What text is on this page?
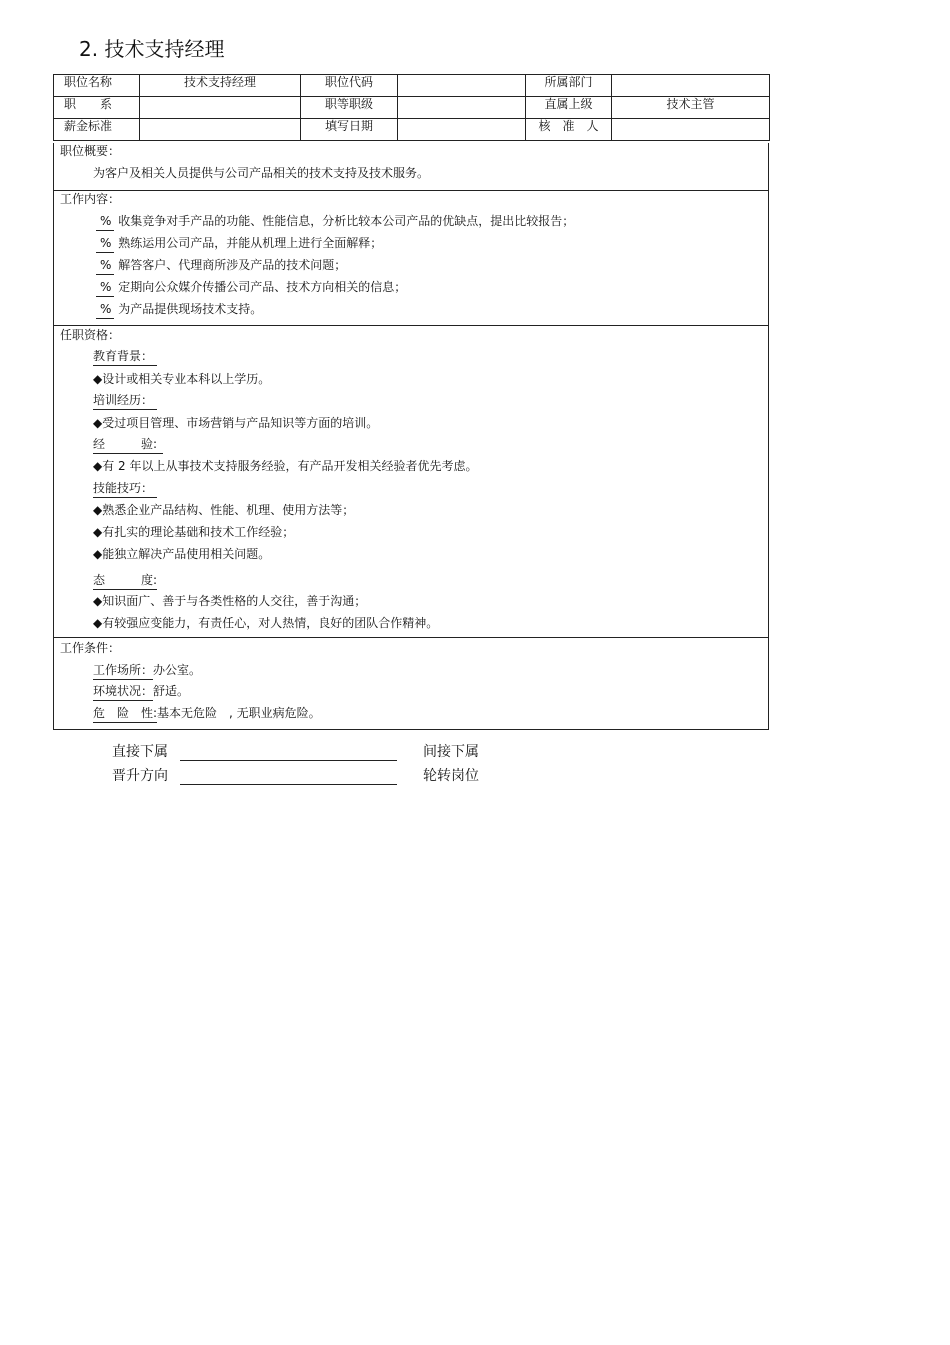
2. 技术支持经理
职位名称	技术支持经理	职位代码		所属部门	
职　　系		职等职级		直属上级	技术主管
薪金标准		填写日期		核　准　人	
职位概要：
为客户及相关人员提供与公司产品相关的技术支持及技术服务。
工作内容：
% 收集竞争对手产品的功能、性能信息，分析比较本公司产品的优缺点，提出比较报告；
% 熟练运用公司产品，并能从机理上进行全面解释；
% 解答客户、代理商所涉及产品的技术问题；
% 定期向公众媒介传播公司产品、技术方向相关的信息；
% 为产品提供现场技术支持。
任职资格：
教育背景：
◆设计或相关专业本科以上学历。
培训经历：
◆受过项目管理、市场营销与产品知识等方面的培训。
经　　　验:
◆有 2 年以上从事技术支持服务经验，有产品开发相关经验者优先考虑。
技能技巧：
◆熟悉企业产品结构、性能、机理、使用方法等；
◆有扎实的理论基础和技术工作经验；
◆能独立解决产品使用相关问题。
态　　　度:
◆知识面广、善于与各类性格的人交往，善于沟通；
◆有较强应变能力，有责任心，对人热情，良好的团队合作精神。
工作条件：
工作场所：办公室。
环境状况：舒适。
危　险　性:基本无危险　, 无职业病危险。
直接下属	间接下属
晋升方向	轮转岗位
